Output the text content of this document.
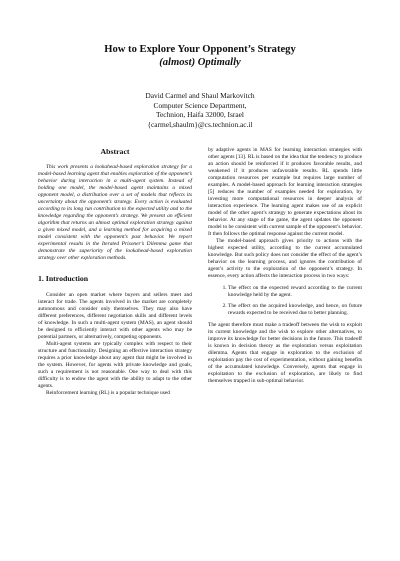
How to Explore Your Opponent’s Strategy
(almost) Optimally
David Carmel and Shaul Markovitch
Computer Science Department,
Technion, Haifa 32000, Israel
{carmel,shaulm}@cs.technion.ac.il
Abstract

This work presents a lookahead-based exploration strategy for a model-based learning agent that enables exploration of the opponent’s behavior during interaction in a multi-agent system. Instead of holding one model, the model-based agent maintains a mixed opponent model, a distribution over a set of models that reflects its uncertainty about the opponent’s strategy. Every action is evaluated according to its long run contribution to the expected utility and to the knowledge regarding the opponent’s strategy. We present an efficient algorithm that returns an almost optimal exploration strategy against a given mixed model, and a learning method for acquiring a mixed model consistent with the opponent’s past behavior. We report experimental results in the Iterated Prisoner’s Dilemma game that demonstrate the superiority of the lookahead-based exploration strategy over other exploration methods.

1. Introduction

Consider an open market where buyers and sellers meet and interact for trade. The agents involved in the market are completely autonomous and consider only themselves. They may also have different preferences, different negotiation skills and different levels of knowledge. In such a multi-agent system (MAS), an agent should be designed to efficiently interact with other agents who may be potential partners, or alternatively, competing opponents.

Multi-agent systems are typically complex with respect to their structure and functionality. Designing an effective interaction strategy requires a prior knowledge about any agent that might be involved in the system. However, for agents with private knowledge and goals, such a requirement is not reasonable. One way to deal with this difficulty is to endow the agent with the ability to adapt to the other agents.

Reinforcement learning (RL) is a popular technique used

by adaptive agents in MAS for learning interaction strategies with other agents [13]. RL is based on the idea that the tendency to produce an action should be reinforced if it produces favorable results, and weakened if it produces unfavorable results. RL spends little computation resources per example but requires large number of examples. A model-based approach for learning interaction strategies [5] reduces the number of examples needed for exploration, by investing more computational resources in deeper analysis of interaction experience. The learning agent makes use of an explicit model of the other agent’s strategy to generate expectations about its behavior. At any stage of the game, the agent updates the opponent model to be consistent with current sample of the opponent’s behavior. It then follows the optimal response against the current model.

The model-based approach gives priority to actions with the highest expected utility, according to the current accumulated knowledge. But such policy does not consider the effect of the agent’s behavior on the learning process, and ignores the contribution of agent’s activity to the exploration of the opponent’s strategy. In essence, every action affects the interaction process in two ways:

1. The effect on the expected reward according to the current knowledge held by the agent.
2. The effect on the acquired knowledge, and hence, on future rewards expected to be received due to better planning.

The agent therefore must make a tradeoff between the wish to exploit its current knowledge and the wish to explore other alternatives, to improve its knowledge for better decisions in the future. This tradeoff is known in decision theory as the exploration versus exploitation dilemma. Agents that engage in exploration to the exclusion of exploitation pay the cost of experimentation, without gaining benefits of the accumulated knowledge. Conversely, agents that engage in exploitation to the exclusion of exploration, are likely to find themselves trapped in sub-optimal behavior.
